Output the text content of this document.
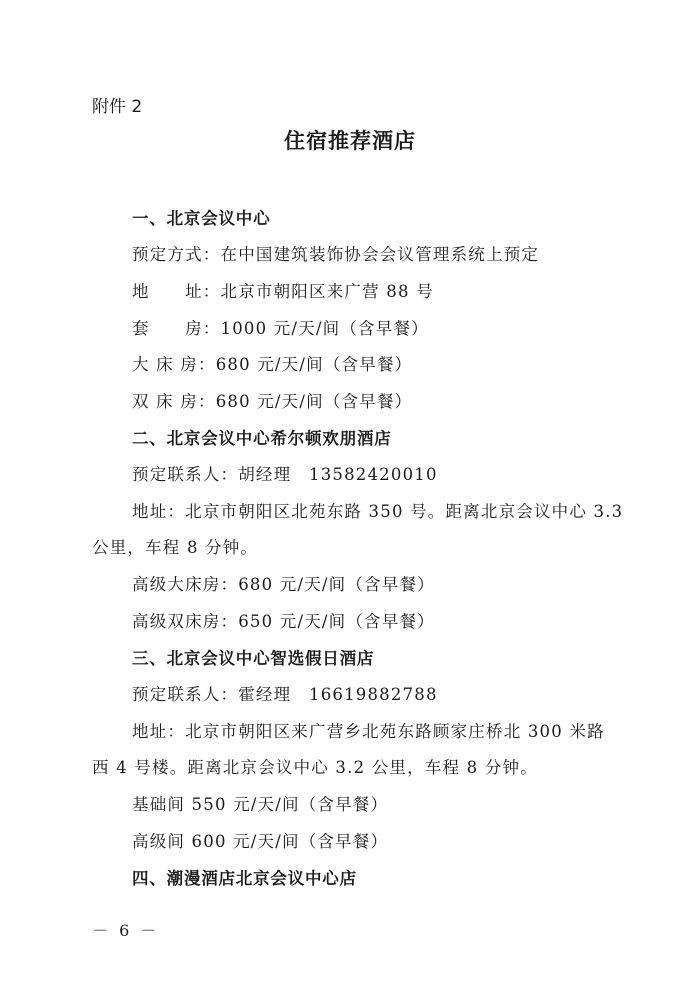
附件 2
住宿推荐酒店
一、北京会议中心
预定方式：在中国建筑装饰协会会议管理系统上预定
地　　址：北京市朝阳区来广营 88 号
套　　房：1000 元/天/间（含早餐）
大 床 房：680 元/天/间（含早餐）
双 床 房：680 元/天/间（含早餐）
二、北京会议中心希尔顿欢朋酒店
预定联系人：胡经理　13582420010
地址：北京市朝阳区北苑东路 350 号。距离北京会议中心 3.3
公里，车程 8 分钟。
高级大床房：680 元/天/间（含早餐）
高级双床房：650 元/天/间（含早餐）
三、北京会议中心智选假日酒店
预定联系人：霍经理　16619882788
地址：北京市朝阳区来广营乡北苑东路顾家庄桥北 300 米路
西 4 号楼。距离北京会议中心 3.2 公里，车程 8 分钟。
基础间 550 元/天/间（含早餐）
高级间 600 元/天/间（含早餐）
四、潮漫酒店北京会议中心店
－ 6 －
